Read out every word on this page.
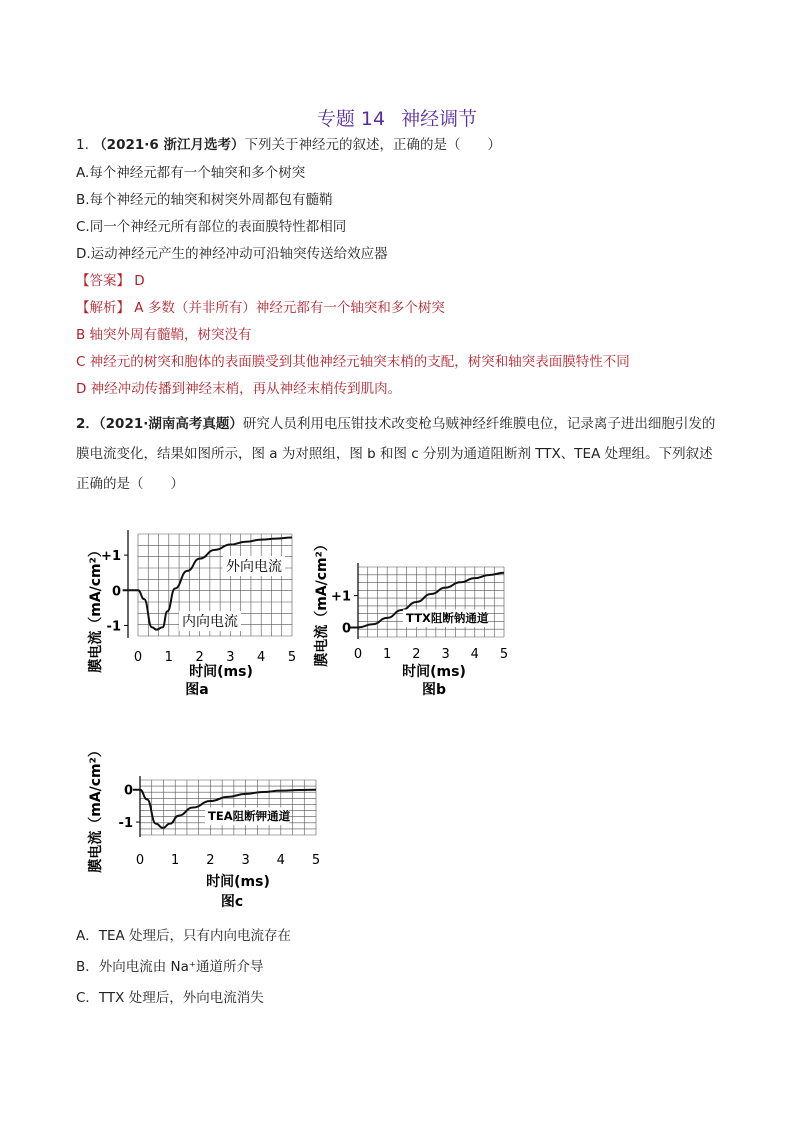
专题 14 神经调节
1. （2021·6 浙江月选考）下列关于神经元的叙述，正确的是（　　）
A.每个神经元都有一个轴突和多个树突
B.每个神经元的轴突和树突外周都包有髓鞘
C.同一个神经元所有部位的表面膜特性都相同
D.运动神经元产生的神经冲动可沿轴突传送给效应器
【答案】 D
【解析】 A 多数（并非所有）神经元都有一个轴突和多个树突
B 轴突外周有髓鞘，树突没有
C 神经元的树突和胞体的表面膜受到其他神经元轴突末梢的支配，树突和轴突表面膜特性不同
D 神经冲动传播到神经末梢，再从神经末梢传到肌肉。
2．（2021·湖南高考真题）研究人员利用电压钳技术改变枪乌贼神经纤维膜电位，记录离子进出细胞引发的膜电流变化，结果如图所示，图 a 为对照组，图 b 和图 c 分别为通道阻断剂 TTX、TEA 处理组。下列叙述正确的是（　　）
膜电流（mA/cm²）
+1
0
-1
0 1 2 3 4 5
外向电流
内向电流
时间(ms)
图a
膜电流（mA/cm²） +1
0
0 1 2 3 4 5
TTX阻断钠通道
时间(ms)
图b
膜电流（mA/cm²） 0
-1
0 1 2 3 4 5
TEA阻断钾通道
时间(ms)
图c
A．TEA 处理后，只有内向电流存在
B．外向电流由 Na⁺通道所介导
C．TTX 处理后，外向电流消失
